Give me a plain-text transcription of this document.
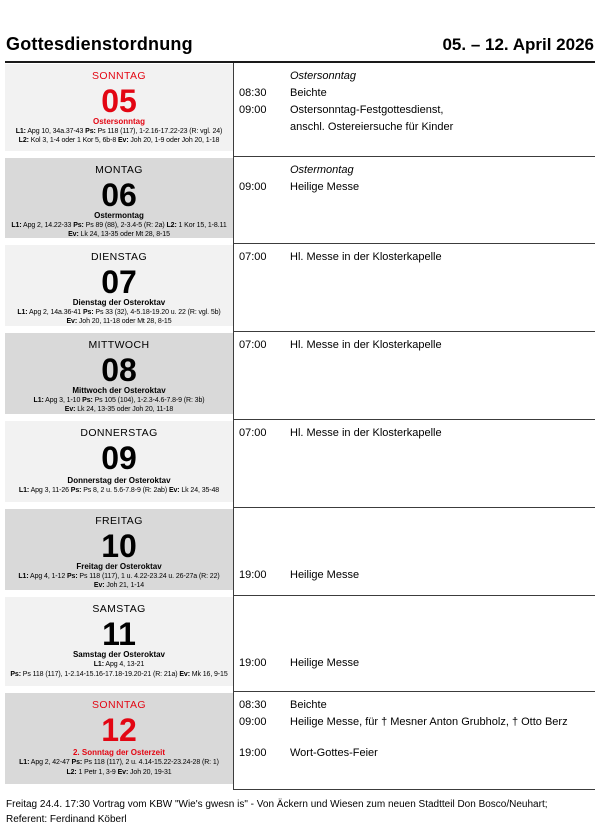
Gottesdienstordnung	05. – 12. April 2026
SONNTAG
05
Ostersonntag
L1: Apg 10, 34a.37-43 Ps: Ps 118 (117), 1-2.16-17.22-23 (R: vgl. 24)
L2: Kol 3, 1-4 oder 1 Kor 5, 6b-8 Ev: Joh 20, 1-9 oder Joh 20, 1-18
Ostersonntag
08:30	Beichte
09:00	Ostersonntag-Festgottesdienst,
anschl. Ostereiersuche für Kinder
MONTAG
06
Ostermontag
L1: Apg 2, 14.22-33 Ps: Ps 89 (88), 2-3.4-5 (R: 2a) L2: 1 Kor 15, 1-8.11
Ev: Lk 24, 13-35 oder Mt 28, 8-15
Ostermontag
09:00	Heilige Messe
DIENSTAG
07
Dienstag der Osteroktav
L1: Apg 2, 14a.36-41 Ps: Ps 33 (32), 4-5.18-19.20 u. 22 (R: vgl. 5b)
Ev: Joh 20, 11-18 oder Mt 28, 8-15
07:00	Hl. Messe in der Klosterkapelle
MITTWOCH
08
Mittwoch der Osteroktav
L1: Apg 3, 1-10 Ps: Ps 105 (104), 1-2.3-4.6-7.8-9 (R: 3b)
Ev: Lk 24, 13-35 oder Joh 20, 11-18
07:00	Hl. Messe in der Klosterkapelle
DONNERSTAG
09
Donnerstag der Osteroktav
L1: Apg 3, 11-26 Ps: Ps 8, 2 u. 5.6-7.8-9 (R: 2ab) Ev: Lk 24, 35-48
07:00	Hl. Messe in der Klosterkapelle
FREITAG
10
Freitag der Osteroktav
L1: Apg 4, 1-12 Ps: Ps 118 (117), 1 u. 4.22-23.24 u. 26-27a (R: 22)
Ev: Joh 21, 1-14
19:00	Heilige Messe
SAMSTAG
11
Samstag der Osteroktav
L1: Apg 4, 13-21
Ps: Ps 118 (117), 1-2.14-15.16-17.18-19.20-21 (R: 21a) Ev: Mk 16, 9-15
19:00	Heilige Messe
SONNTAG
12
2. Sonntag der Osterzeit
L1: Apg 2, 42-47 Ps: Ps 118 (117), 2 u. 4.14-15.22-23.24-28 (R: 1)
L2: 1 Petr 1, 3-9 Ev: Joh 20, 19-31
08:30	Beichte
09:00	Heilige Messe, für † Mesner Anton Grubholz, † Otto Berz
19:00	Wort-Gottes-Feier
Freitag 24.4. 17:30 Vortrag vom KBW "Wie's gwesn is" - Von Äckern und Wiesen zum neuen Stadtteil Don Bosco/Neuhart;
Referent: Ferdinand Köberl
